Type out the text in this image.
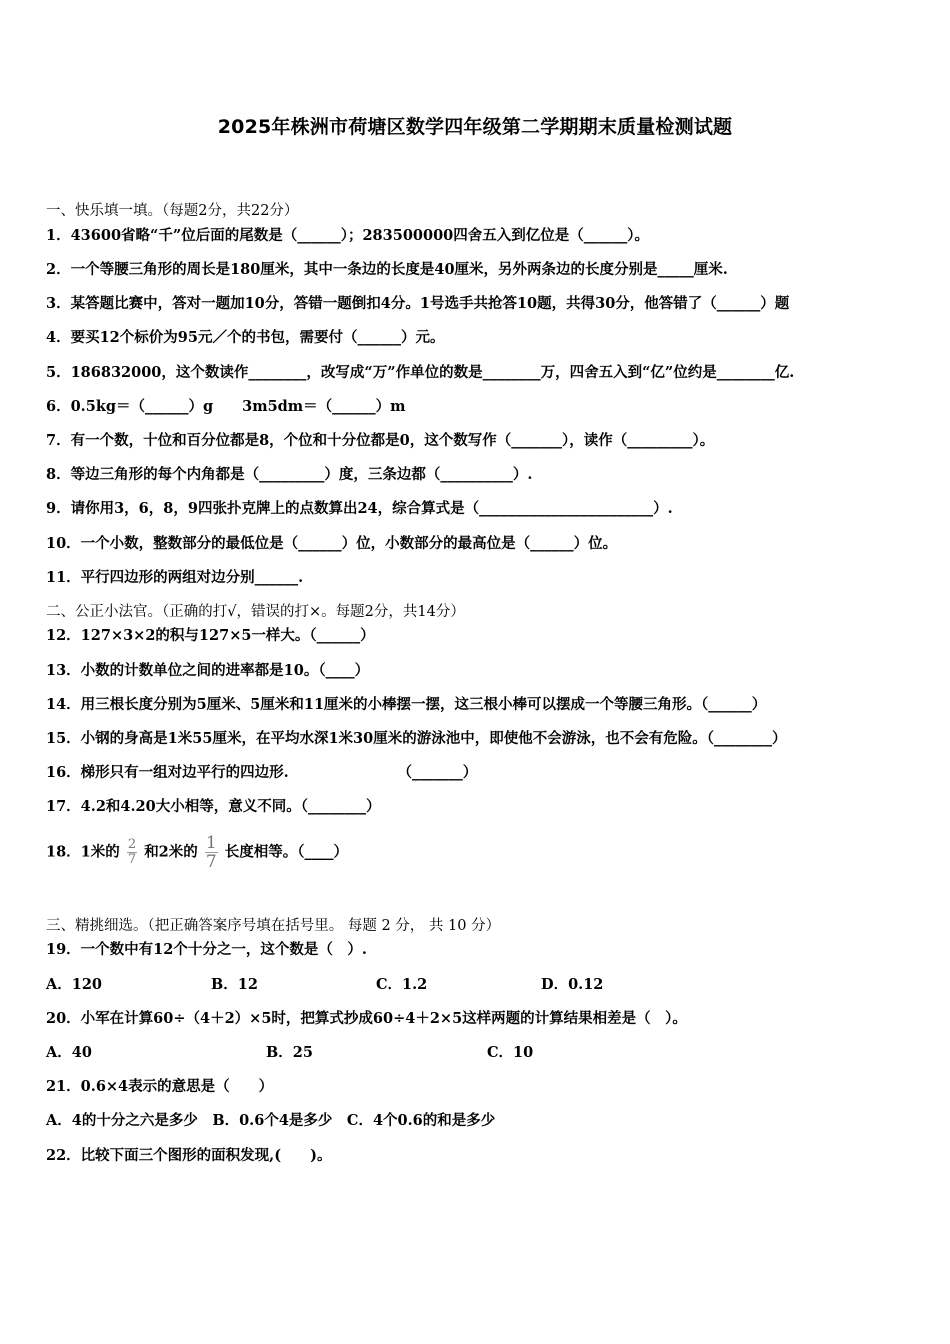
2025年株洲市荷塘区数学四年级第二学期期末质量检测试题
一、快乐填一填。（每题2分，共22分）
1．43600省略“千”位后面的尾数是（______）；283500000四舍五入到亿位是（______）。
2．一个等腰三角形的周长是180厘米，其中一条边的长度是40厘米，另外两条边的长度分别是_____厘米.
3．某答题比赛中，答对一题加10分，答错一题倒扣4分。1号选手共抢答10题，共得30分，他答错了（______）题
4．要买12个标价为95元／个的书包，需要付（______）元。
5．186832000，这个数读作________，改写成“万”作单位的数是________万，四舍五入到“亿”位约是________亿.
6．0.5kg＝（______）g　　3m5dm＝（______）m
7．有一个数，十位和百分位都是8，个位和十分位都是0，这个数写作（_______），读作（_________）。
8．等边三角形的每个内角都是（_________）度，三条边都（__________）.
9．请你用3，6，8，9四张扑克牌上的点数算出24，综合算式是（________________________）.
10．一个小数，整数部分的最低位是（______）位，小数部分的最高位是（______）位。
11．平行四边形的两组对边分别______.
二、公正小法官。（正确的打√，错误的打×。每题2分，共14分）
12．127×3×2的积与127×5一样大。（______）
13．小数的计数单位之间的进率都是10。（____）
14．用三根长度分别为5厘米、5厘米和11厘米的小棒摆一摆，这三根小棒可以摆成一个等腰三角形。（______）
15．小钢的身高是1米55厘米，在平均水深1米30厘米的游泳池中，即使他不会游泳，也不会有危险。（________）
16．梯形只有一组对边平行的四边形.　　　　　　　　（_______）
17．4.2和4.20大小相等，意义不同。（________）
18．1米的 $\frac{2}{7}$ 和2米的 $\frac{1}{7}$ 长度相等。（____）
三、精挑细选。（把正确答案序号填在括号里。 每题 2 分， 共 10 分）
19．一个数中有12个十分之一，这个数是（　）.
A．120	B．12	C．1.2	D．0.12
20．小军在计算60÷（4＋2）×5时，把算式抄成60÷4＋2×5这样两题的计算结果相差是（　）。
A．40	B．25	C．10
21．0.6×4表示的意思是（　　）
A．4的十分之六是多少　B．0.6个4是多少　C．4个0.6的和是多少
22．比较下面三个图形的面积发现,(　　)。
